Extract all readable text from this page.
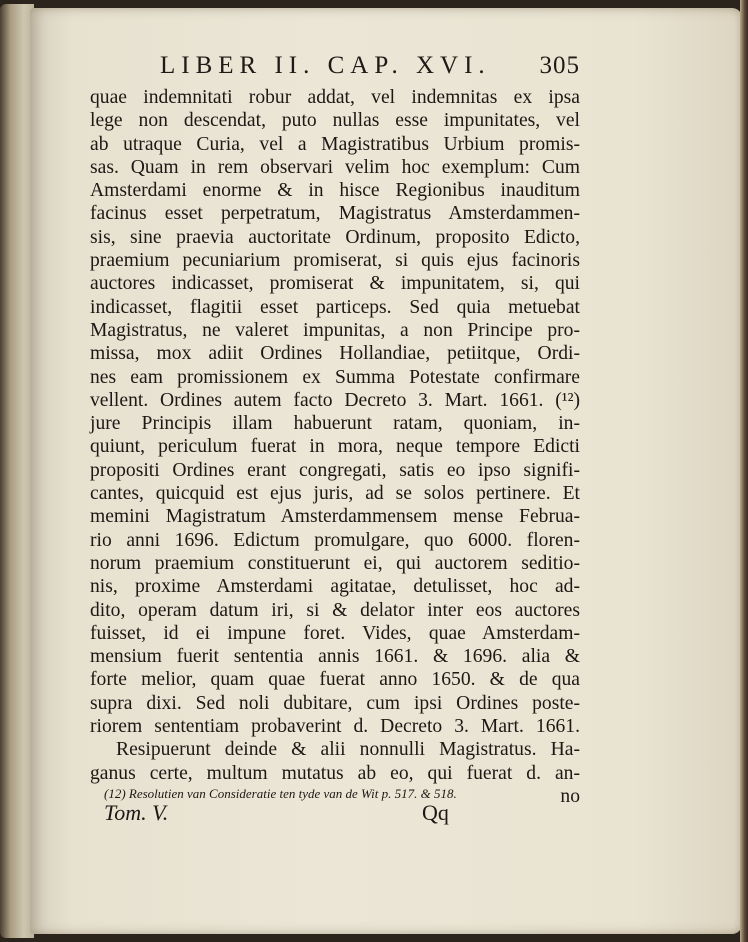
LIBER II. CAP. XVI. 305
quae indemnitati robur addat, vel indemnitas ex ipsa
lege non descendat, puto nullas esse impunitates, vel
ab utraque Curia, vel a Magistratibus Urbium promis-
sas. Quam in rem observari velim hoc exemplum: Cum
Amsterdami enorme & in hisce Regionibus inauditum
facinus esset perpetratum, Magistratus Amsterdammen-
sis, sine praevia auctoritate Ordinum, proposito Edicto,
praemium pecuniarium promiserat, si quis ejus facinoris
auctores indicasset, promiserat & impunitatem, si, qui
indicasset, flagitii esset particeps. Sed quia metuebat
Magistratus, ne valeret impunitas, a non Principe pro-
missa, mox adiit Ordines Hollandiae, petiitque, Ordi-
nes eam promissionem ex Summa Potestate confirmare
vellent. Ordines autem facto Decreto 3. Mart. 1661. (¹²)
jure Principis illam habuerunt ratam, quoniam, in-
quiunt, periculum fuerat in mora, neque tempore Edicti
propositi Ordines erant congregati, satis eo ipso signifi-
cantes, quicquid est ejus juris, ad se solos pertinere. Et
memini Magistratum Amsterdammensem mense Februa-
rio anni 1696. Edictum promulgare, quo 6000. floren-
norum praemium constituerunt ei, qui auctorem seditio-
nis, proxime Amsterdami agitatae, detulisset, hoc ad-
dito, operam datum iri, si & delator inter eos auctores
fuisset, id ei impune foret. Vides, quae Amsterdam-
mensium fuerit sententia annis 1661. & 1696. alia &
forte melior, quam quae fuerat anno 1650. & de qua
supra dixi. Sed noli dubitare, cum ipsi Ordines poste-
riorem sententiam probaverint d. Decreto 3. Mart. 1661.
Resipuerunt deinde & alii nonnulli Magistratus. Ha-
ganus certe, multum mutatus ab eo, qui fuerat d. an-
no
(12) Resolutien van Consideratie ten tyde van de Wit p. 517. & 518.
Tom. V.	Qq
